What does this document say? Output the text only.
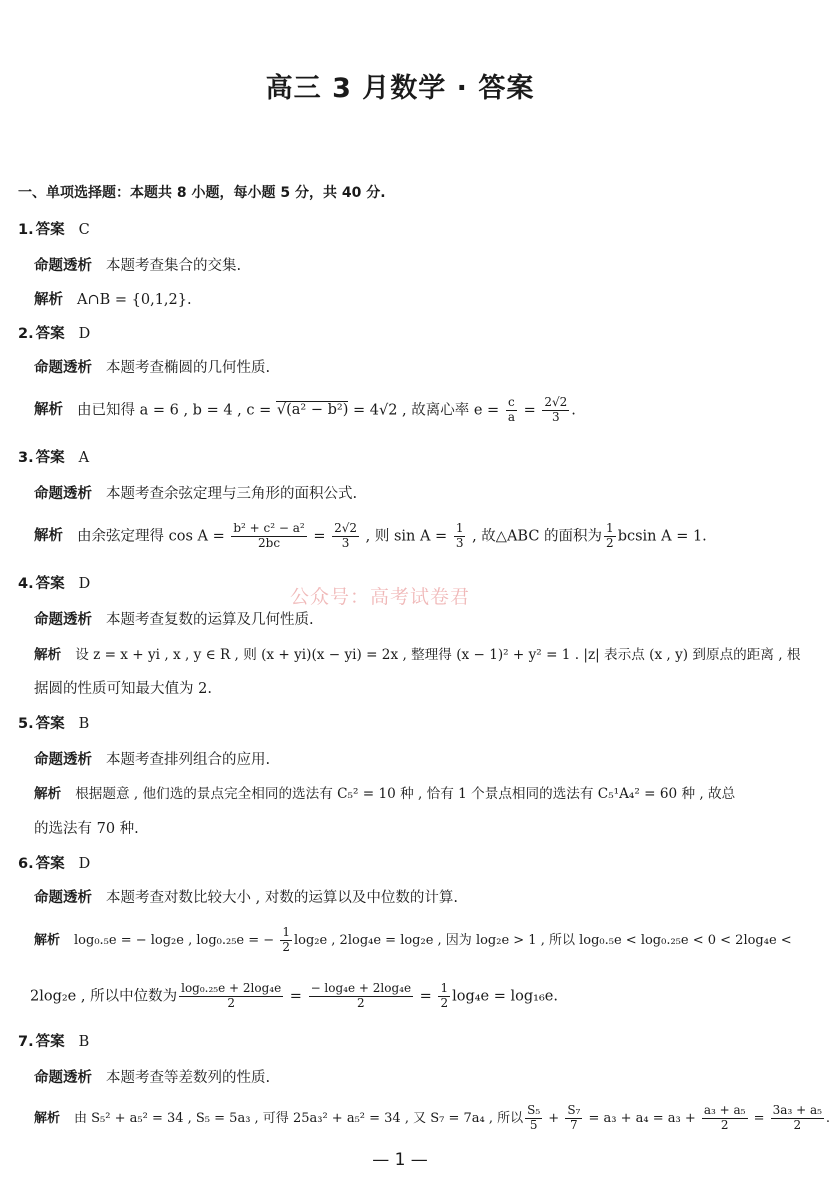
高三 3 月数学 · 答案
一、单项选择题：本题共 8 小题，每小题 5 分，共 40 分.
1. 答案 C
命题透析 本题考查集合的交集.
解析 A∩B = {0,1,2}.
2. 答案 D
命题透析 本题考查椭圆的几何性质.
解析 由已知得 a = 6 , b = 4 , c = √(a² − b²) = 4√2 , 故离心率 $e = \frac{c}{a} = \frac{2√2}{3}$ .
3. 答案 A
命题透析 本题考查余弦定理与三角形的面积公式.
解析 由余弦定理得 $\cos A = \frac{\text{b² + c² − a²}}{2bc} = \frac{2√2}{3}$ , 则 $\sin A = \frac{1}{3}$ , 故△ABC 的面积为 $\frac{1}{2}$ bcsin A = 1.
公众号：高考试卷君
4. 答案 D
命题透析 本题考查复数的运算及几何性质.
解析 设 z = x + yi , x , y ∈ R , 则 (x + yi)(x − yi) = 2x , 整理得 (x − 1)² + y² = 1 . |z| 表示点 (x , y) 到原点的距离 , 根
据圆的性质可知最大值为 2.
5. 答案 B
命题透析 本题考查排列组合的应用.
解析 根据题意 , 他们选的景点完全相同的选法有 C₅² = 10 种 , 恰有 1 个景点相同的选法有 C₅¹A₄² = 60 种 , 故总
的选法有 70 种.
6. 答案 D
命题透析 本题考查对数比较大小 , 对数的运算以及中位数的计算.
解析 log₀.₅e = − log₂e , log₀.₂₅e = − $\frac{1}{2} \log_2e$ , 2log₄e = log₂e , 因为 log₂e > 1 , 所以 log₀.₅e < log₀.₂₅e < 0 < 2log₄e <
2log₂e , 所以中位数为 $\frac{\text{log₀.₂₅e + 2log₄e}}{2} = \frac{\text{− log₄e + 2log₄e}}{2} = \frac{1}{2} \log_4e = \log_{16}e$.
7. 答案 B
命题透析 本题考查等差数列的性质.
解析 由 S₅² + a₅² = 34 , S₅ = 5a₃ , 可得 25a₃² + a₅² = 34 , 又 S₇ = 7a₄ , 所以 $\frac{\text{S₅}}{5} + \frac{\text{S₇}}{7} = a_3 + a_4 = a_3 + \frac{\text{a₃ + a₅}}{2} = \frac{\text{3a₃ + a₅}}{2}$ .
— 1 —
